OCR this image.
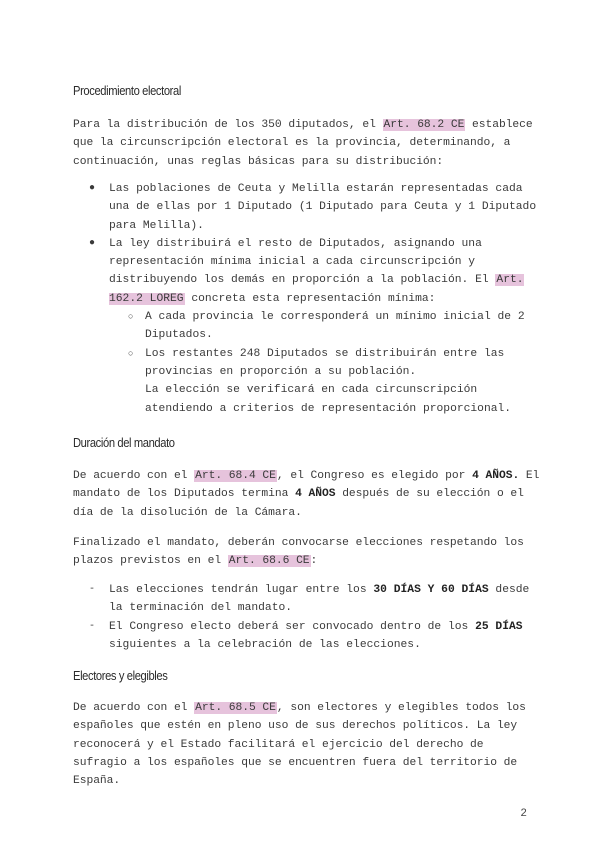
Procedimiento electoral

Para la distribución de los 350 diputados, el Art. 68.2 CE establece que la circunscripción electoral es la provincia, determinando, a continuación, unas reglas básicas para su distribución:

● Las poblaciones de Ceuta y Melilla estarán representadas cada una de ellas por 1 Diputado (1 Diputado para Ceuta y 1 Diputado para Melilla).
● La ley distribuirá el resto de Diputados, asignando una representación mínima inicial a cada circunscripción y distribuyendo los demás en proporción a la población. El Art. 162.2 LOREG concreta esta representación mínima:
○ A cada provincia le corresponderá un mínimo inicial de 2 Diputados.
○ Los restantes 248 Diputados se distribuirán entre las provincias en proporción a su población.
La elección se verificará en cada circunscripción atendiendo a criterios de representación proporcional.
Duración del mandato

De acuerdo con el Art. 68.4 CE, el Congreso es elegido por 4 AÑOS. El mandato de los Diputados termina 4 AÑOS después de su elección o el día de la disolución de la Cámara.

Finalizado el mandato, deberán convocarse elecciones respetando los plazos previstos en el Art. 68.6 CE:

- Las elecciones tendrán lugar entre los 30 DÍAS Y 60 DÍAS desde la terminación del mandato.
- El Congreso electo deberá ser convocado dentro de los 25 DÍAS siguientes a la celebración de las elecciones.
Electores y elegibles

De acuerdo con el Art. 68.5 CE, son electores y elegibles todos los españoles que estén en pleno uso de sus derechos políticos. La ley reconocerá y el Estado facilitará el ejercicio del derecho de sufragio a los españoles que se encuentren fuera del territorio de España.

2
